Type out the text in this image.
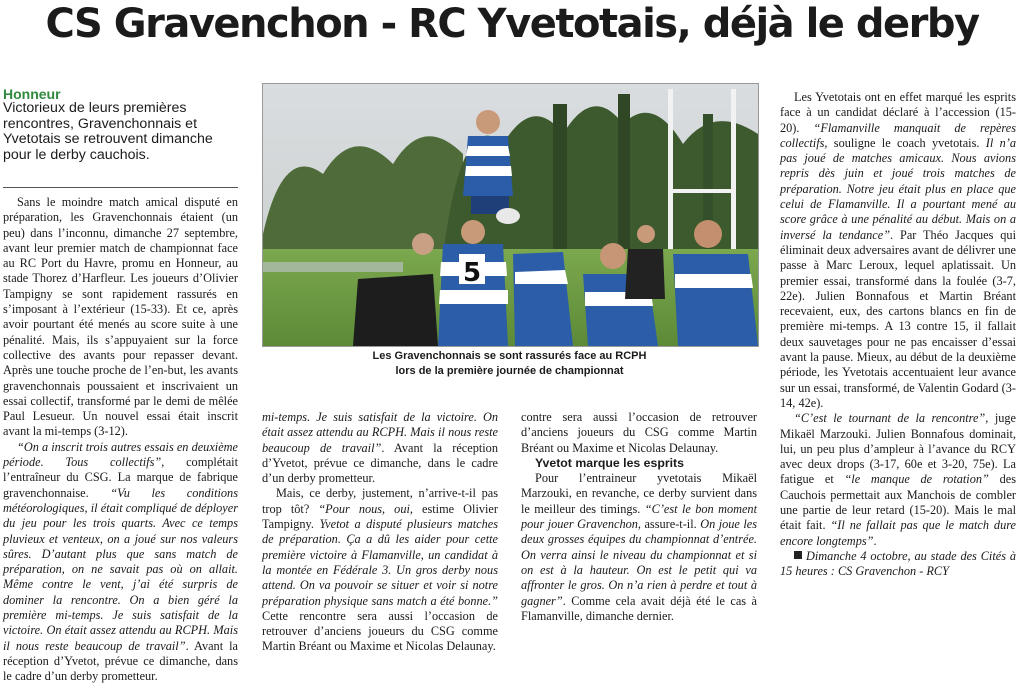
CS Gravenchon - RC Yvetotais, déjà le derby
Honneur
Victorieux de leurs premières rencontres, Gravenchonnais et Yvetotais se retrouvent dimanche pour le derby cauchois.
5
Les Gravenchonnais se sont rassurés face au RCPH
lors de la première journée de championnat

Sans le moindre match amical disputé en préparation, les Gravenchonnais étaient (un peu) dans l’inconnu, dimanche 27 septembre, avant leur premier match de championnat face au RC Port du Havre, promu en Honneur, au stade Thorez d’Harfleur. Les joueurs d’Olivier Tampigny se sont rapidement rassurés en s’imposant à l’extérieur (15-33). Et ce, après avoir pourtant été menés au score suite à une pénalité. Mais, ils s’appuyaient sur la force collective des avants pour repasser devant. Après une touche proche de l’en-but, les avants gravenchonnais poussaient et inscrivaient un essai collectif, transformé par le demi de mêlée Paul Lesueur. Un nouvel essai était inscrit avant la mi-temps (3-12).

“On a inscrit trois autres essais en deuxième période. Tous collectifs”, complétait l’entraîneur du CSG. La marque de fabrique gravenchonnaise. “Vu les conditions météorologiques, il était compliqué de déployer du jeu pour les trois quarts. Avec ce temps pluvieux et venteux, on a joué sur nos valeurs sûres. D’autant plus que sans match de préparation, on ne savait pas où on allait. Même contre le vent, j’ai été surpris de dominer la rencontre. On a bien géré la première mi-temps. Je suis satisfait de la victoire. On était assez attendu au RCPH. Mais il nous reste beaucoup de travail”. Avant la réception d’Yvetot, prévue ce dimanche, dans le cadre d’un derby prometteur.

mi-temps. Je suis satisfait de la victoire. On était assez attendu au RCPH. Mais il nous reste beaucoup de travail”. Avant la réception d’Yvetot, prévue ce dimanche, dans le cadre d’un derby prometteur.

Mais, ce derby, justement, n’arrive-t-il pas trop tôt? “Pour nous, oui, estime Olivier Tampigny. Yvetot a disputé plusieurs matches de préparation. Ça a dû les aider pour cette première victoire à Flamanville, un candidat à la montée en Fédérale 3. Un gros derby nous attend. On va pouvoir se situer et voir si notre préparation physique sans match a été bonne.” Cette rencontre sera aussi l’occasion de retrouver d’anciens joueurs du CSG comme Martin Bréant ou Maxime et Nicolas Delaunay.

contre sera aussi l’occasion de retrouver d’anciens joueurs du CSG comme Martin Bréant ou Maxime et Nicolas Delaunay.

Yvetot marque les esprits

Pour l’entraineur yvetotais Mikaël Marzouki, en revanche, ce derby survient dans le meilleur des timings. “C’est le bon moment pour jouer Gravenchon, assure-t-il. On joue les deux grosses équipes du championnat d’entrée. On verra ainsi le niveau du championnat et si on est à la hauteur. On est le petit qui va affronter le gros. On n’a rien à perdre et tout à gagner”. Comme cela avait déjà été le cas à Flamanville, dimanche dernier.

Les Yvetotais ont en effet marqué les esprits face à un candidat déclaré à l’accession (15-20). “Flamanville manquait de repères collectifs, souligne le coach yvetotais. Il n’a pas joué de matches amicaux. Nous avions repris dès juin et joué trois matches de préparation. Notre jeu était plus en place que celui de Flamanville. Il a pourtant mené au score grâce à une pénalité au début. Mais on a inversé la tendance”. Par Théo Jacques qui éliminait deux adversaires avant de délivrer une passe à Marc Leroux, lequel aplatissait. Un premier essai, transformé dans la foulée (3-7, 22e). Julien Bonnafous et Martin Bréant recevaient, eux, des cartons blancs en fin de première mi-temps. A 13 contre 15, il fallait deux sauvetages pour ne pas encaisser d’essai avant la pause. Mieux, au début de la deuxième période, les Yvetotais accentuaient leur avance sur un essai, transformé, de Valentin Godard (3-14, 42e).

“C’est le tournant de la rencontre”, juge Mikaël Marzouki. Julien Bonnafous dominait, lui, un peu plus d’ampleur à l’avance du RCY avec deux drops (3-17, 60e et 3-20, 75e). La fatigue et “le manque de rotation” des Cauchois permettait aux Manchois de combler une partie de leur retard (15-20). Mais le mal était fait. “Il ne fallait pas que le match dure encore longtemps”.

Dimanche 4 octobre, au stade des Cités à 15 heures : CS Gravenchon - RCY
